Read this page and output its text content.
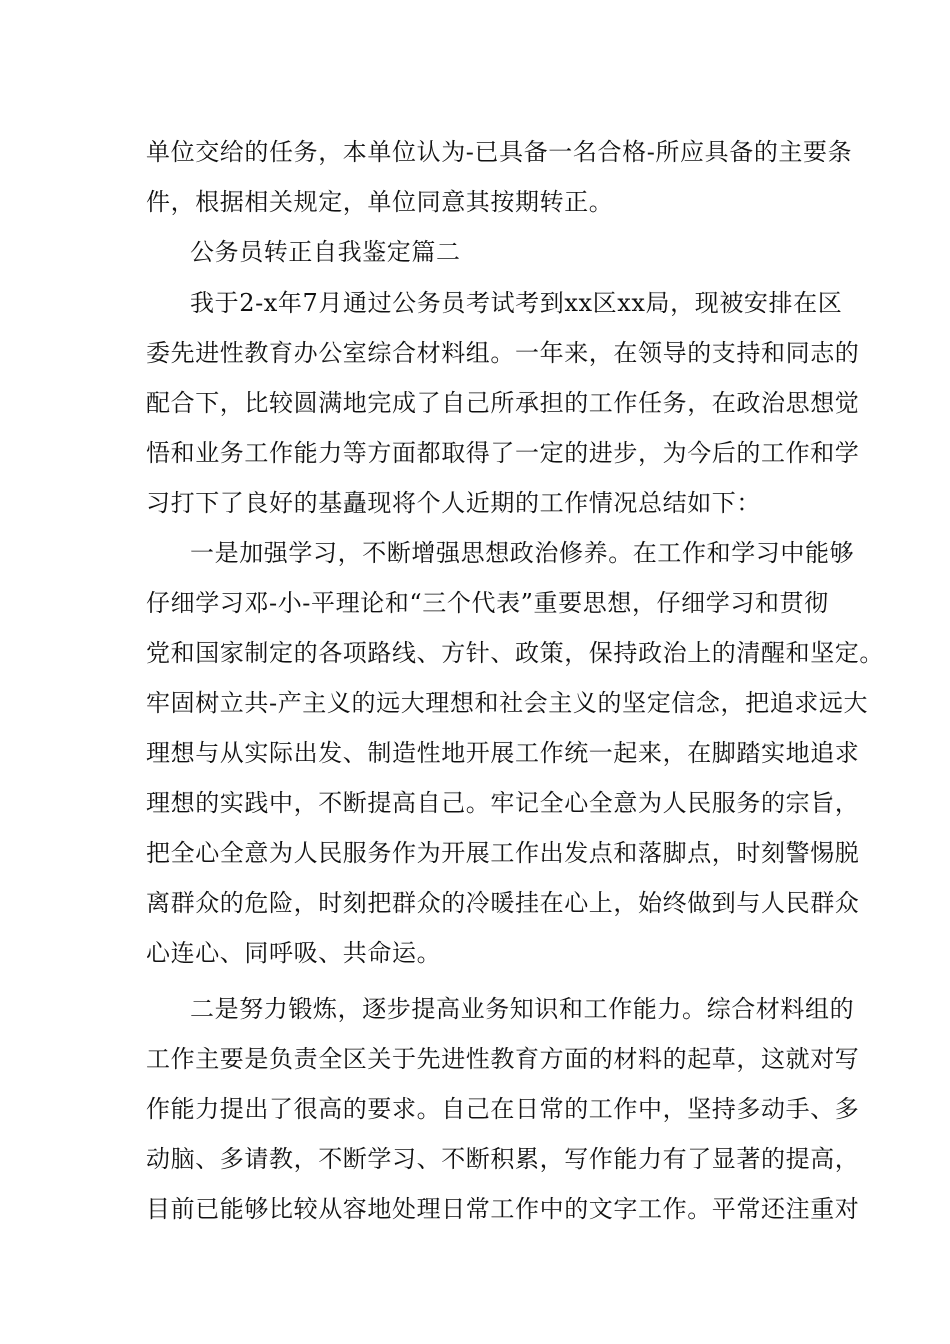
单位交给的任务，本单位认为-已具备一名合格-所应具备的主要条
件，根据相关规定，单位同意其按期转正。
公务员转正自我鉴定篇二
我于2-x年7月通过公务员考试考到xx区xx局，现被安排在区
委先进性教育办公室综合材料组。一年来，在领导的支持和同志的
配合下，比较圆满地完成了自己所承担的工作任务，在政治思想觉
悟和业务工作能力等方面都取得了一定的进步，为今后的工作和学
习打下了良好的基矗现将个人近期的工作情况总结如下：
一是加强学习，不断增强思想政治修养。在工作和学习中能够
仔细学习邓-小-平理论和“三个代表”重要思想，仔细学习和贯彻
党和国家制定的各项路线、方针、政策，保持政治上的清醒和坚定。
牢固树立共-产主义的远大理想和社会主义的坚定信念，把追求远大
理想与从实际出发、制造性地开展工作统一起来，在脚踏实地追求
理想的实践中，不断提高自己。牢记全心全意为人民服务的宗旨，
把全心全意为人民服务作为开展工作出发点和落脚点，时刻警惕脱
离群众的危险，时刻把群众的冷暖挂在心上，始终做到与人民群众
心连心、同呼吸、共命运。
二是努力锻炼，逐步提高业务知识和工作能力。综合材料组的
工作主要是负责全区关于先进性教育方面的材料的起草，这就对写
作能力提出了很高的要求。自己在日常的工作中，坚持多动手、多
动脑、多请教，不断学习、不断积累，写作能力有了显著的提高，
目前已能够比较从容地处理日常工作中的文字工作。平常还注重对
